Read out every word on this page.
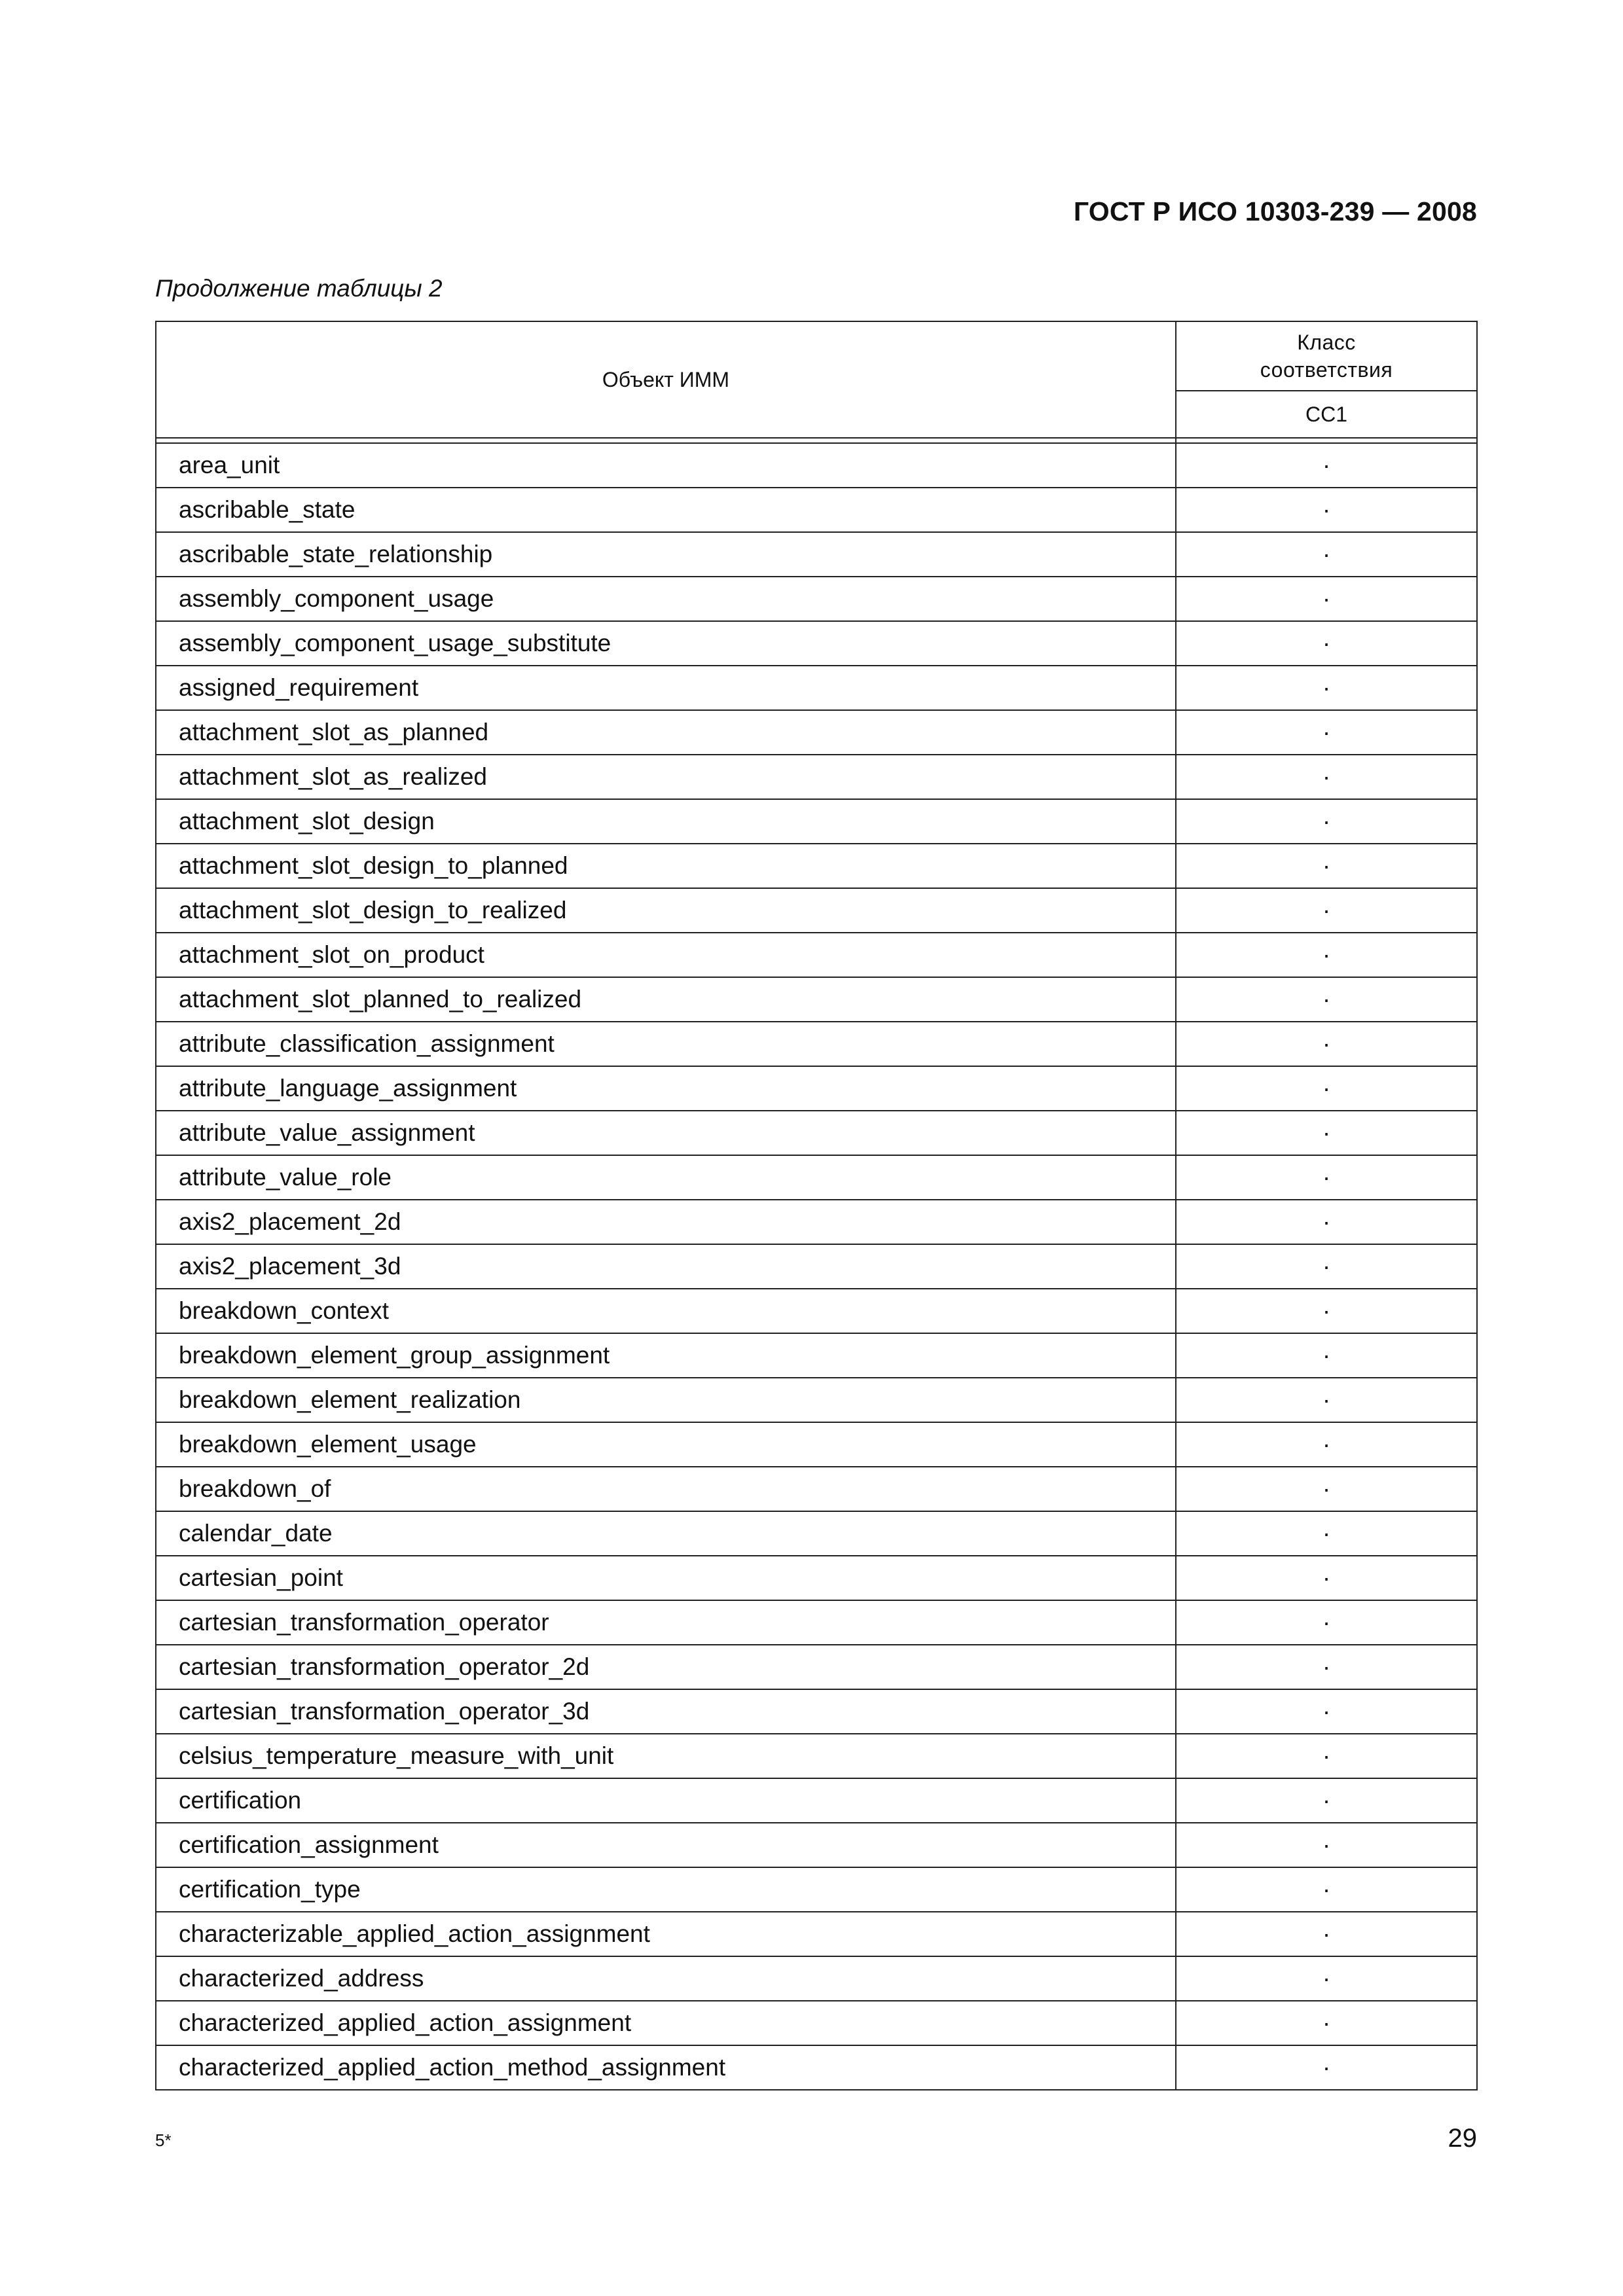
ГОСТ Р ИСО 10303-239 — 2008
Продолжение таблицы 2
Объект ИММ	Класс соответствия
	CC1

area_unit	·
ascribable_state	·
ascribable_state_relationship	·
assembly_component_usage	·
assembly_component_usage_substitute	·
assigned_requirement	·
attachment_slot_as_planned	·
attachment_slot_as_realized	·
attachment_slot_design	·
attachment_slot_design_to_planned	·
attachment_slot_design_to_realized	·
attachment_slot_on_product	·
attachment_slot_planned_to_realized	·
attribute_classification_assignment	·
attribute_language_assignment	·
attribute_value_assignment	·
attribute_value_role	·
axis2_placement_2d	·
axis2_placement_3d	·
breakdown_context	·
breakdown_element_group_assignment	·
breakdown_element_realization	·
breakdown_element_usage	·
breakdown_of	·
calendar_date	·
cartesian_point	·
cartesian_transformation_operator	·
cartesian_transformation_operator_2d	·
cartesian_transformation_operator_3d	·
celsius_temperature_measure_with_unit	·
certification	·
certification_assignment	·
certification_type	·
characterizable_applied_action_assignment	·
characterized_address	·
characterized_applied_action_assignment	·
characterized_applied_action_method_assignment	·
5*	29
